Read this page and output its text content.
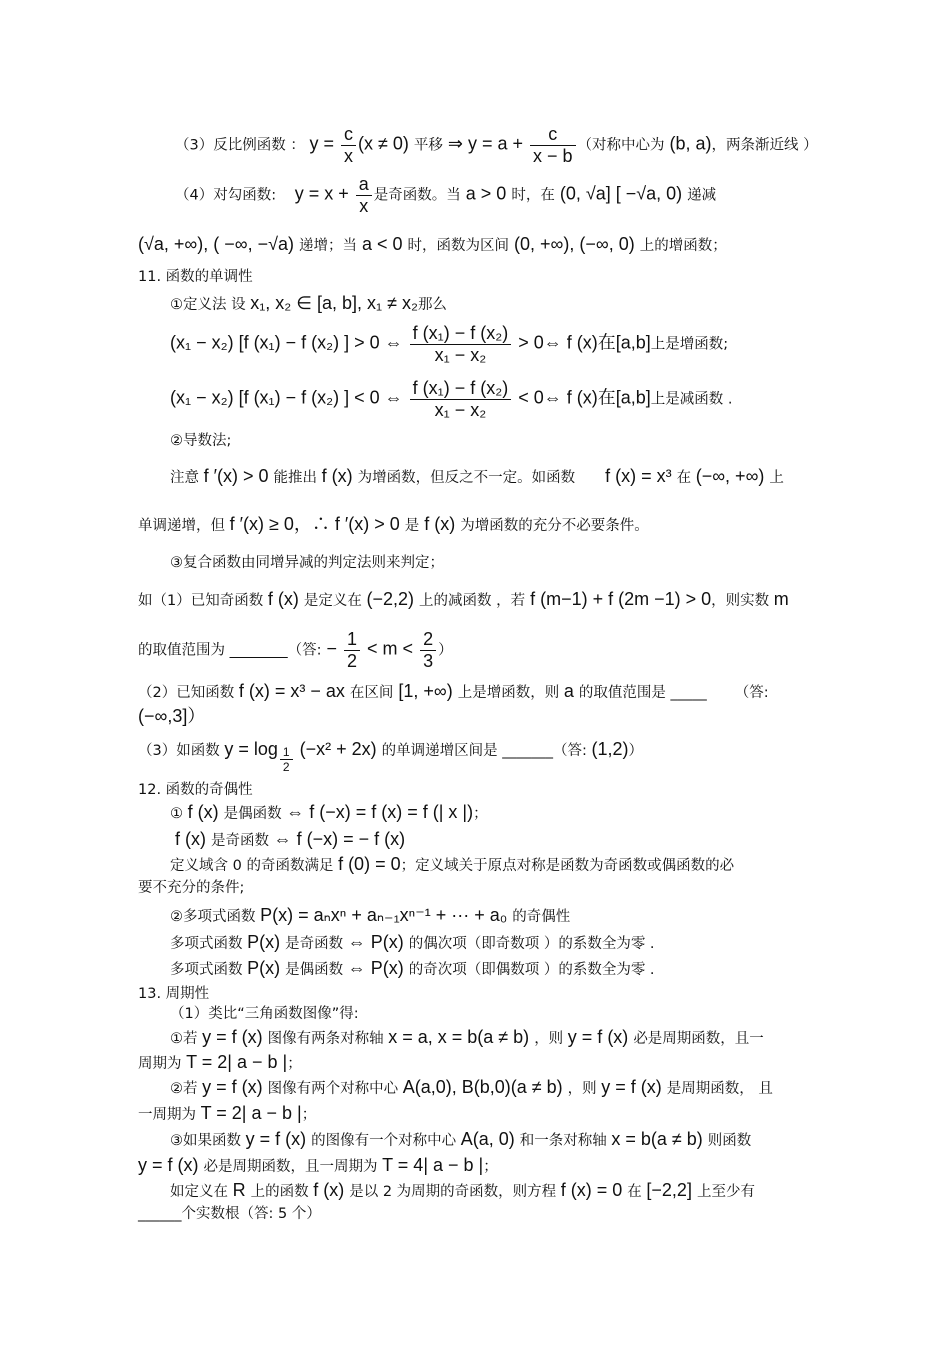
（3）反比例函数 ： $y = \frac{c}{x} (x \ne 0)$ 平移 ⇒ $y = a + \frac{c}{x - b}$ （对称中心为 (b, a)，两条渐近线 ）
（4）对勾函数: $y = x + \frac{a}{x}$ 是奇函数。当 a > 0 时，在 (0, √a] [ −√a, 0) 递减
(√a, +∞), ( −∞, −√a) 递增；当 a < 0 时，函数为区间 (0, +∞), (−∞, 0) 上的增函数；
11. 函数的单调性
①定义法 设 x₁, x₂ ∈ [a, b], x₁ ≠ x₂那么
(x₁ − x₂) [f (x₁) − f (x₂) ] > 0 ⇔ $\frac{\text{f (x₁) − f (x₂)}}{\text{x₁ − x₂}}$ > 0⇔ f (x)在[a,b]上是增函数;
(x₁ − x₂) [f (x₁) − f (x₂) ] < 0 ⇔ $\frac{\text{f (x₁) − f (x₂)}}{\text{x₁ − x₂}}$ < 0⇔ f (x)在[a,b]上是减函数 .
②导数法;
注意 f ′(x) > 0 能推出 f (x) 为增函数，但反之不一定。如函数 f (x) = x³ 在 (−∞, +∞) 上
单调递增，但 f ′(x) ≥ 0，∴ f ′(x) > 0 是 f (x) 为增函数的充分不必要条件。
③复合函数由同增异减的判定法则来判定；
如（1）已知奇函数 f (x) 是定义在 (−2,2) 上的减函数 ，若 f (m−1) + f (2m −1) > 0，则实数 m
的取值范围为 ________（答: − $\frac{1}{2} < m < \frac{2}{3}$ ）
（2）已知函数 f (x) = x³ − ax 在区间 [1, +∞) 上是增函数，则 a 的取值范围是 _____ （答:
(−∞,3]）
（3）如函数 $y = \log \frac{1}{2} (-x^2 + 2x)$ 的单调递增区间是 _______（答: (1,2)）
12. 函数的奇偶性
① f (x) 是偶函数 ⇔ f (−x) = f (x) = f (| x |)；
f (x) 是奇函数 ⇔ f (−x) = − f (x)
定义域含 0 的奇函数满足 f (0) = 0；定义域关于原点对称是函数为奇函数或偶函数的必
要不充分的条件;
②多项式函数 P(x) = aₙxⁿ + aₙ₋₁xⁿ⁻¹ + ··· + a₀ 的奇偶性
多项式函数 P(x) 是奇函数 ⇔ P(x) 的偶次项（即奇数项 ）的系数全为零 .
多项式函数 P(x) 是偶函数 ⇔ P(x) 的奇次项（即偶数项 ）的系数全为零 .
13. 周期性
（1）类比“三角函数图像”得:
①若 y = f (x) 图像有两条对称轴 x = a, x = b(a ≠ b) ，则 y = f (x) 必是周期函数，且一
周期为 T = 2| a − b |；
②若 y = f (x) 图像有两个对称中心 A(a,0), B(b,0)(a ≠ b) ，则 y = f (x) 是周期函数， 且
一周期为 T = 2| a − b |；
③如果函数 y = f (x) 的图像有一个对称中心 A(a, 0) 和一条对称轴 x = b(a ≠ b) 则函数
y = f (x) 必是周期函数，且一周期为 T = 4| a − b |；
如定义在 R 上的函数 f (x) 是以 2 为周期的奇函数，则方程 f (x) = 0 在 [−2,2] 上至少有
______个实数根（答: 5 个）
